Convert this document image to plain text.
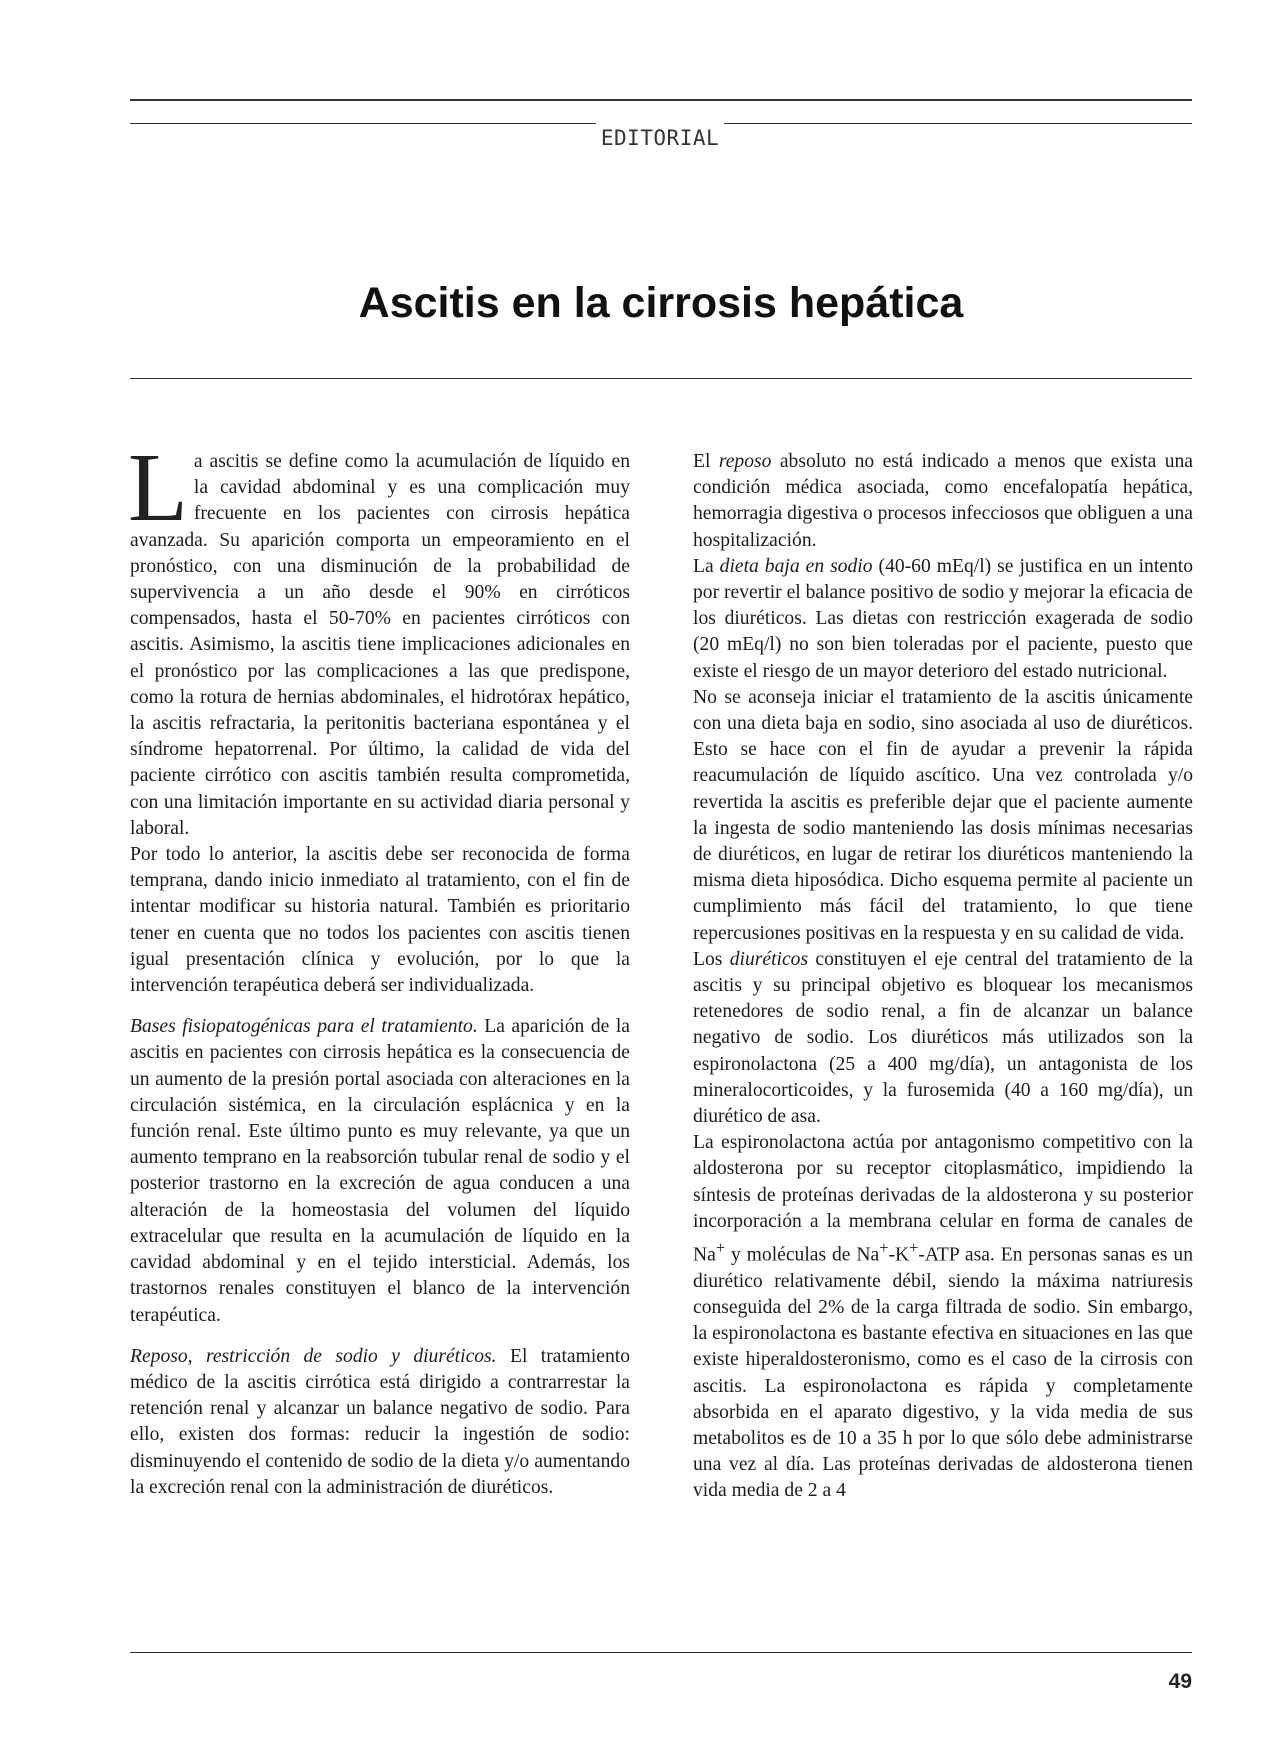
EDITORIAL
Ascitis en la cirrosis hepática

La ascitis se define como la acumulación de líquido en la cavidad abdominal y es una complicación muy frecuente en los pacientes con cirrosis hepática avanzada. Su aparición comporta un empeoramiento en el pronóstico, con una disminución de la probabilidad de supervivencia a un año desde el 90% en cirróticos compensados, hasta el 50-70% en pacientes cirróticos con ascitis. Asimismo, la ascitis tiene implicaciones adicionales en el pronóstico por las complicaciones a las que predispone, como la rotura de hernias abdominales, el hidrotórax hepático, la ascitis refractaria, la peritonitis bacteriana espontánea y el síndrome hepatorrenal. Por último, la calidad de vida del paciente cirrótico con ascitis también resulta comprometida, con una limitación importante en su actividad diaria personal y laboral.

Por todo lo anterior, la ascitis debe ser reconocida de forma temprana, dando inicio inmediato al tratamiento, con el fin de intentar modificar su historia natural. También es prioritario tener en cuenta que no todos los pacientes con ascitis tienen igual presentación clínica y evolución, por lo que la intervención terapéutica deberá ser individualizada.

Bases fisiopatogénicas para el tratamiento. La aparición de la ascitis en pacientes con cirrosis hepática es la consecuencia de un aumento de la presión portal asociada con alteraciones en la circulación sistémica, en la circulación esplácnica y en la función renal. Este último punto es muy relevante, ya que un aumento temprano en la reabsorción tubular renal de sodio y el posterior trastorno en la excreción de agua conducen a una alteración de la homeostasia del volumen del líquido extracelular que resulta en la acumulación de líquido en la cavidad abdominal y en el tejido intersticial. Además, los trastornos renales constituyen el blanco de la intervención terapéutica.

Reposo, restricción de sodio y diuréticos. El tratamiento médico de la ascitis cirrótica está dirigido a contrarrestar la retención renal y alcanzar un balance negativo de sodio. Para ello, existen dos formas: reducir la ingestión de sodio: disminuyendo el contenido de sodio de la dieta y/o aumentando la excreción renal con la administración de diuréticos.

El reposo absoluto no está indicado a menos que exista una condición médica asociada, como encefalopatía hepática, hemorragia digestiva o procesos infecciosos que obliguen a una hospitalización.

La dieta baja en sodio (40-60 mEq/l) se justifica en un intento por revertir el balance positivo de sodio y mejorar la eficacia de los diuréticos. Las dietas con restricción exagerada de sodio (20 mEq/l) no son bien toleradas por el paciente, puesto que existe el riesgo de un mayor deterioro del estado nutricional.

No se aconseja iniciar el tratamiento de la ascitis únicamente con una dieta baja en sodio, sino asociada al uso de diuréticos. Esto se hace con el fin de ayudar a prevenir la rápida reacumulación de líquido ascítico. Una vez controlada y/o revertida la ascitis es preferible dejar que el paciente aumente la ingesta de sodio manteniendo las dosis mínimas necesarias de diuréticos, en lugar de retirar los diuréticos manteniendo la misma dieta hiposódica. Dicho esquema permite al paciente un cumplimiento más fácil del tratamiento, lo que tiene repercusiones positivas en la respuesta y en su calidad de vida.

Los diuréticos constituyen el eje central del tratamiento de la ascitis y su principal objetivo es bloquear los mecanismos retenedores de sodio renal, a fin de alcanzar un balance negativo de sodio. Los diuréticos más utilizados son la espironolactona (25 a 400 mg/día), un antagonista de los mineralocorticoides, y la furosemida (40 a 160 mg/día), un diurético de asa.

La espironolactona actúa por antagonismo competitivo con la aldosterona por su receptor citoplasmático, impidiendo la síntesis de proteínas derivadas de la aldosterona y su posterior incorporación a la membrana celular en forma de canales de Na+ y moléculas de Na+-K+-ATP asa. En personas sanas es un diurético relativamente débil, siendo la máxima natriuresis conseguida del 2% de la carga filtrada de sodio. Sin embargo, la espironolactona es bastante efectiva en situaciones en las que existe hiperaldosteronismo, como es el caso de la cirrosis con ascitis. La espironolactona es rápida y completamente absorbida en el aparato digestivo, y la vida media de sus metabolitos es de 10 a 35 h por lo que sólo debe administrarse una vez al día. Las proteínas derivadas de aldosterona tienen vida media de 2 a 4

49
